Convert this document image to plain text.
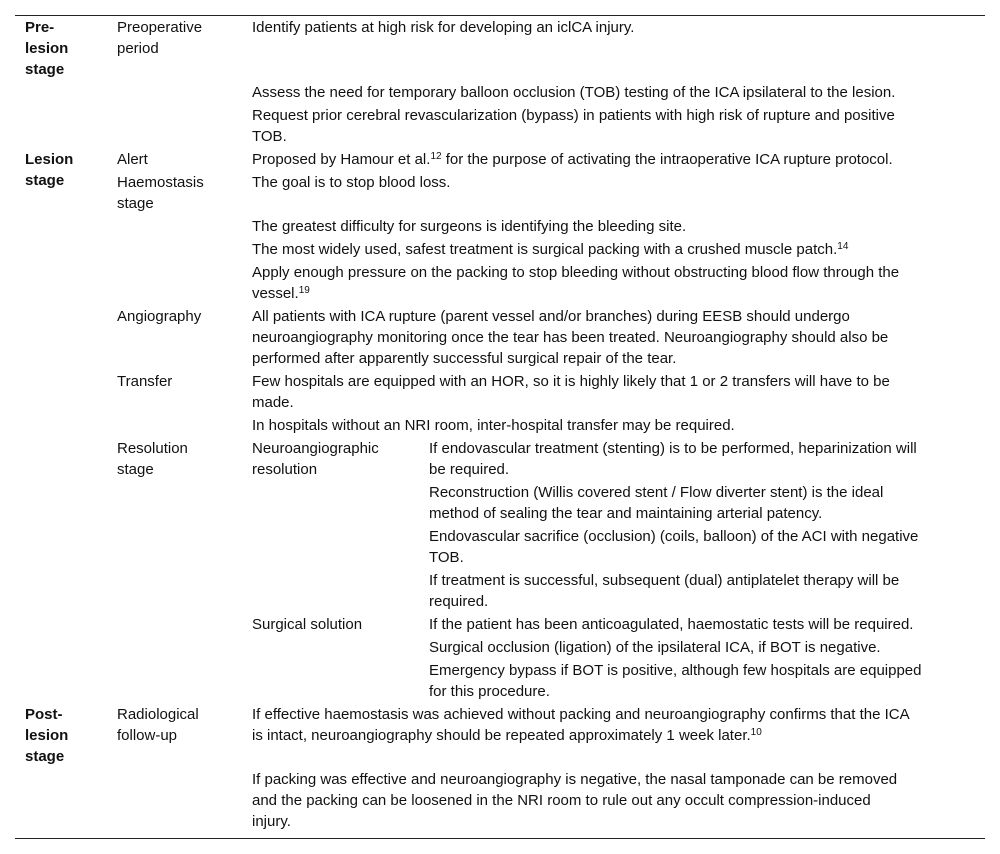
Pre-
lesion
stage
Lesion
stage
Post-
lesion
stage
Preoperative
period
Alert
Haemostasis
stage
Angiography
Transfer
Resolution
stage
Radiological
follow-up
Neuroangiographic
resolution
Surgical solution
Identify patients at high risk for developing an iclCA injury.
Assess the need for temporary balloon occlusion (TOB) testing of the ICA ipsilateral to the lesion.
Request prior cerebral revascularization (bypass) in patients with high risk of rupture and positive
TOB.
Proposed by Hamour et al.$^{12}$ for the purpose of activating the intraoperative ICA rupture protocol.
The goal is to stop blood loss.
The greatest difficulty for surgeons is identifying the bleeding site.
The most widely used, safest treatment is surgical packing with a crushed muscle patch.$^{14}$
Apply enough pressure on the packing to stop bleeding without obstructing blood flow through the
vessel.$^{19}$
All patients with ICA rupture (parent vessel and/or branches) during EESB should undergo
neuroangiography monitoring once the tear has been treated. Neuroangiography should also be
performed after apparently successful surgical repair of the tear.
Few hospitals are equipped with an HOR, so it is highly likely that 1 or 2 transfers will have to be
made.
In hospitals without an NRI room, inter-hospital transfer may be required.
If endovascular treatment (stenting) is to be performed, heparinization will
be required.
Reconstruction (Willis covered stent / Flow diverter stent) is the ideal
method of sealing the tear and maintaining arterial patency.
Endovascular sacrifice (occlusion) (coils, balloon) of the ACI with negative
TOB.
If treatment is successful, subsequent (dual) antiplatelet therapy will be
required.
If the patient has been anticoagulated, haemostatic tests will be required.
Surgical occlusion (ligation) of the ipsilateral ICA, if BOT is negative.
Emergency bypass if BOT is positive, although few hospitals are equipped
for this procedure.
If effective haemostasis was achieved without packing and neuroangiography confirms that the ICA
is intact, neuroangiography should be repeated approximately 1 week later.$^{10}$
If packing was effective and neuroangiography is negative, the nasal tamponade can be removed
and the packing can be loosened in the NRI room to rule out any occult compression-induced
injury.
